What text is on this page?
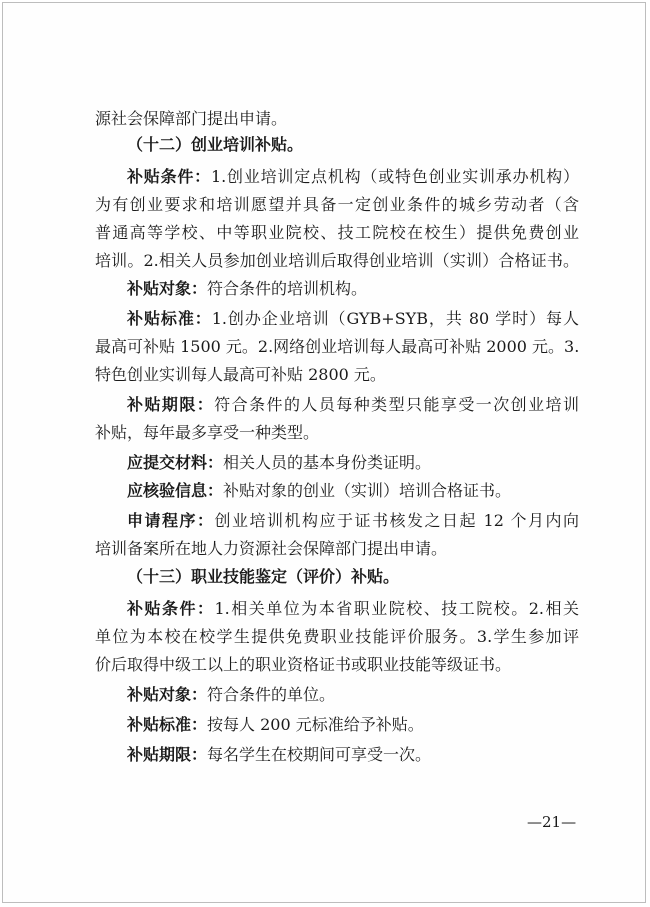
源社会保障部门提出申请。
（十二）创业培训补贴。
补贴条件：1.创业培训定点机构（或特色创业实训承办机构）
为有创业要求和培训愿望并具备一定创业条件的城乡劳动者（含
普通高等学校、中等职业院校、技工院校在校生）提供免费创业
培训。2.相关人员参加创业培训后取得创业培训（实训）合格证书。
补贴对象：符合条件的培训机构。
补贴标准：1.创办企业培训（GYB+SYB，共 80 学时）每人
最高可补贴 1500 元。2.网络创业培训每人最高可补贴 2000 元。3.
特色创业实训每人最高可补贴 2800 元。
补贴期限：符合条件的人员每种类型只能享受一次创业培训
补贴，每年最多享受一种类型。
应提交材料：相关人员的基本身份类证明。
应核验信息：补贴对象的创业（实训）培训合格证书。
申请程序：创业培训机构应于证书核发之日起 12 个月内向
培训备案所在地人力资源社会保障部门提出申请。
（十三）职业技能鉴定（评价）补贴。
补贴条件：1.相关单位为本省职业院校、技工院校。2.相关
单位为本校在校学生提供免费职业技能评价服务。3.学生参加评
价后取得中级工以上的职业资格证书或职业技能等级证书。
补贴对象：符合条件的单位。
补贴标准：按每人 200 元标准给予补贴。
补贴期限：每名学生在校期间可享受一次。
—21—
